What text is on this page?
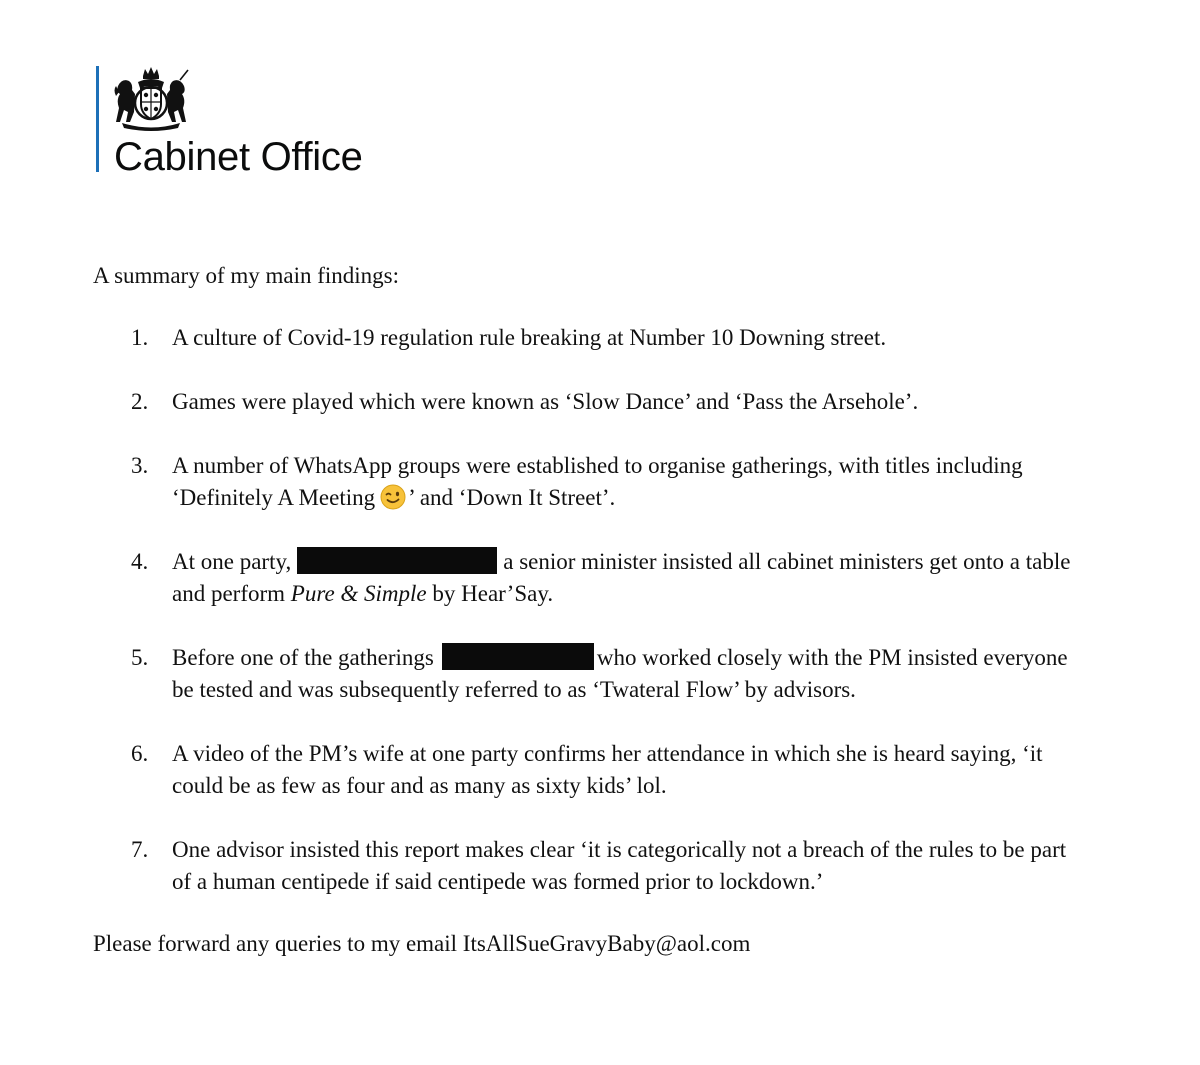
Cabinet Office
A summary of my main findings:
1. A culture of Covid-19 regulation rule breaking at Number 10 Downing street.
2. Games were played which were known as ‘Slow Dance’ and ‘Pass the Arsehole’.
3. A number of WhatsApp groups were established to organise gatherings, with titles including ‘Definitely A Meeting ’ and ‘Down It Street’.
4. At one party,	a senior minister insisted all cabinet ministers get onto a table and perform Pure & Simple by Hear’Say.
5. Before one of the gatherings	who worked closely with the PM insisted everyone be tested and was subsequently referred to as ‘Twateral Flow’ by advisors.
6. A video of the PM’s wife at one party confirms her attendance in which she is heard saying, ‘it could be as few as four and as many as sixty kids’ lol.
7. One advisor insisted this report makes clear ‘it is categorically not a breach of the rules to be part of a human centipede if said centipede was formed prior to lockdown.’
Please forward any queries to my email ItsAllSueGravyBaby@aol.com
